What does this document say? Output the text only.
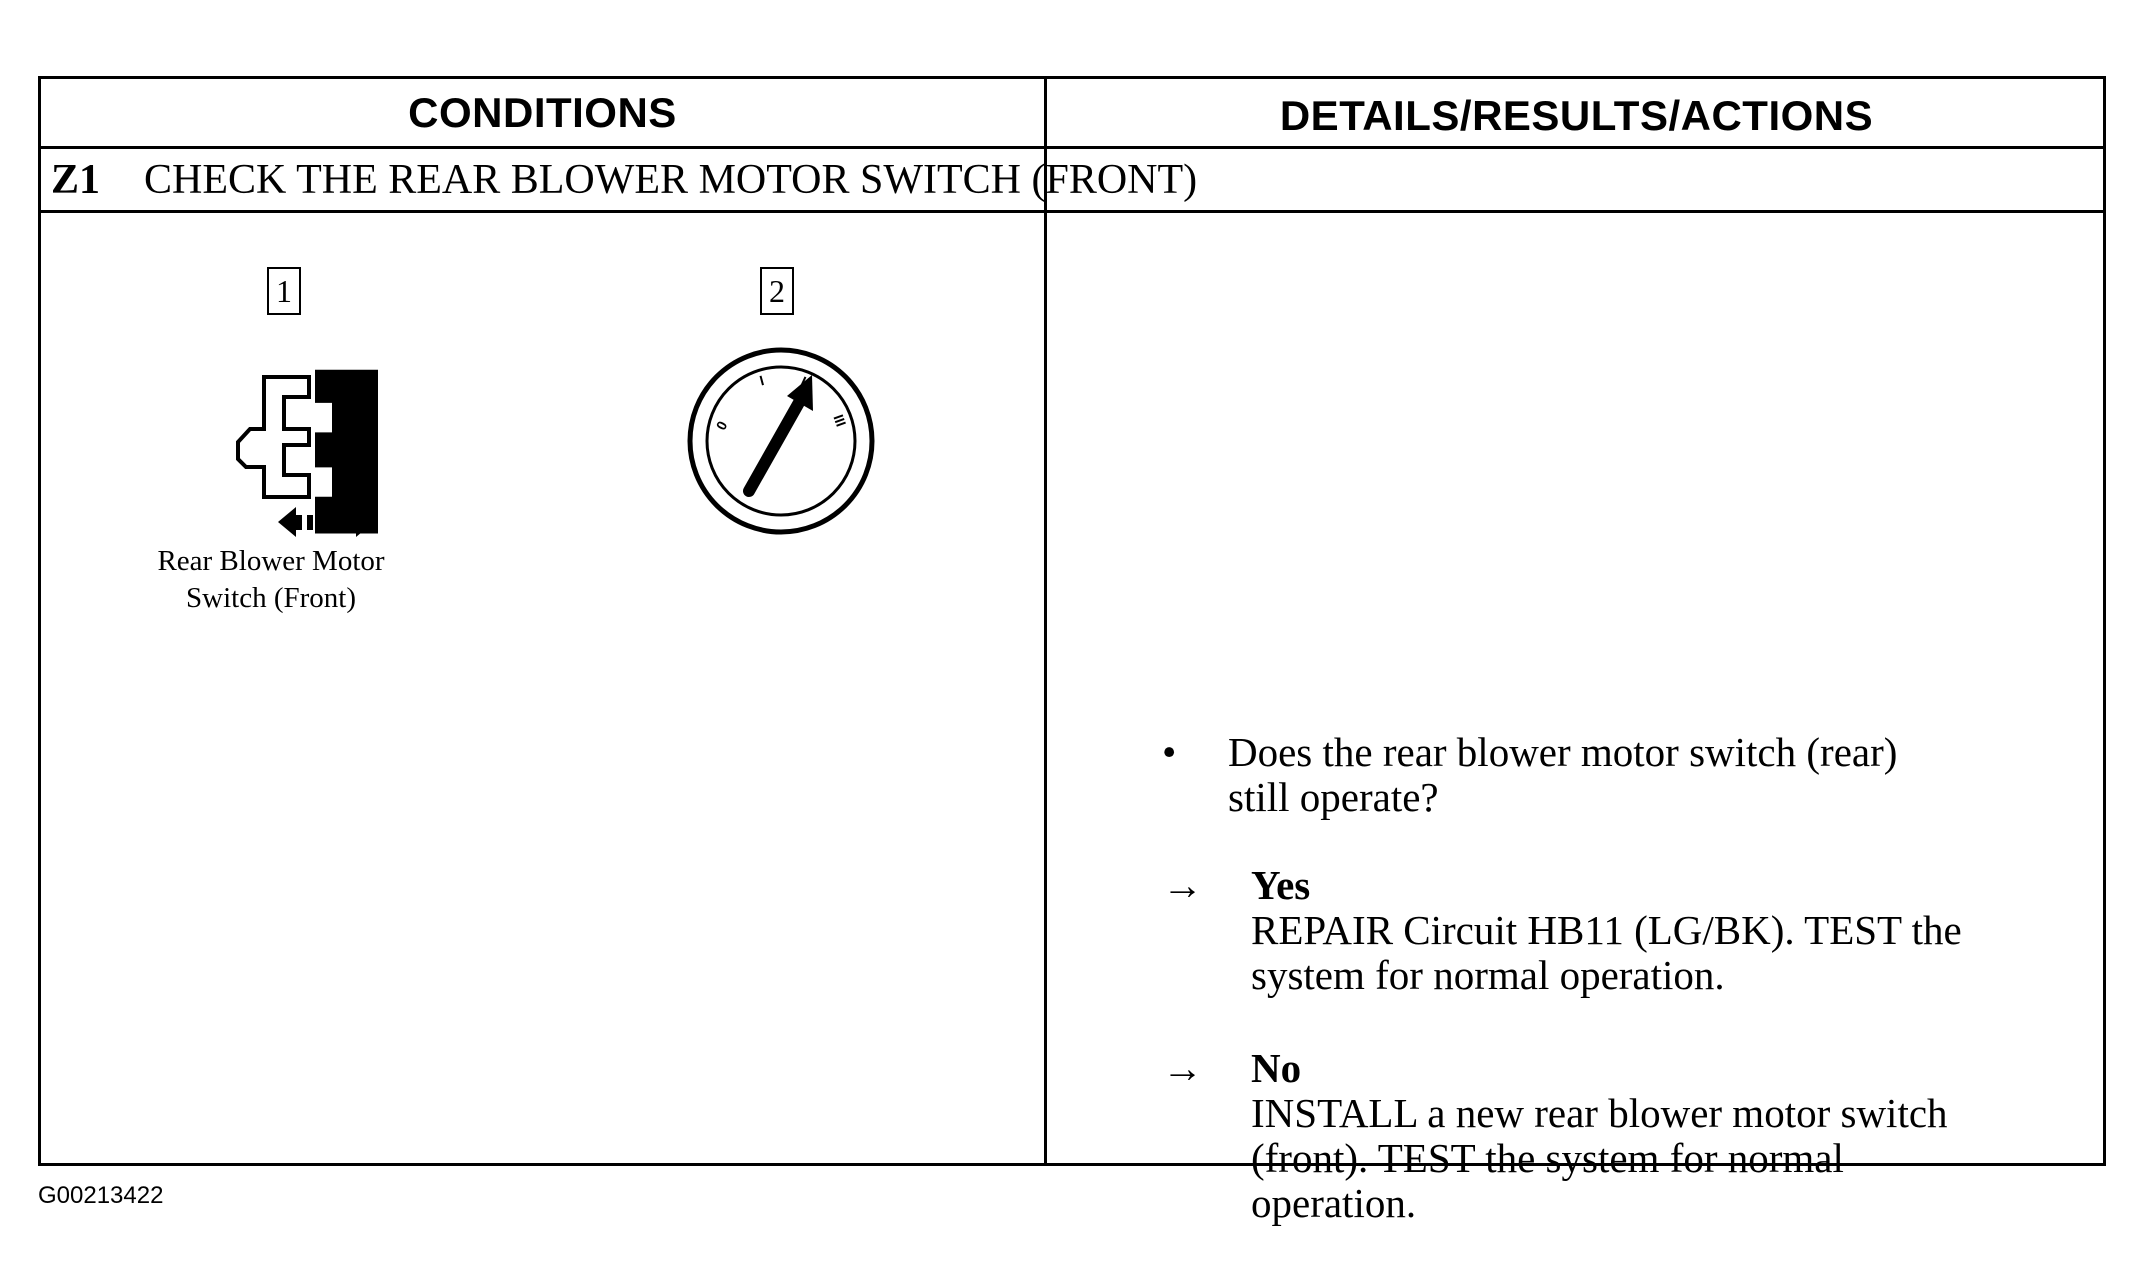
CONDITIONS	DETAILS/RESULTS/ACTIONS
Z1 CHECK THE REAR BLOWER MOTOR SWITCH (FRONT)
1	2
Rear Blower Motor
Switch (Front)
0
I II
III
•	Does the rear blower motor switch (rear)
still operate?
→	Yes
REPAIR Circuit HB11 (LG/BK). TEST the
system for normal operation.
→	No
INSTALL a new rear blower motor switch
(front). TEST the system for normal
operation.
G00213422
